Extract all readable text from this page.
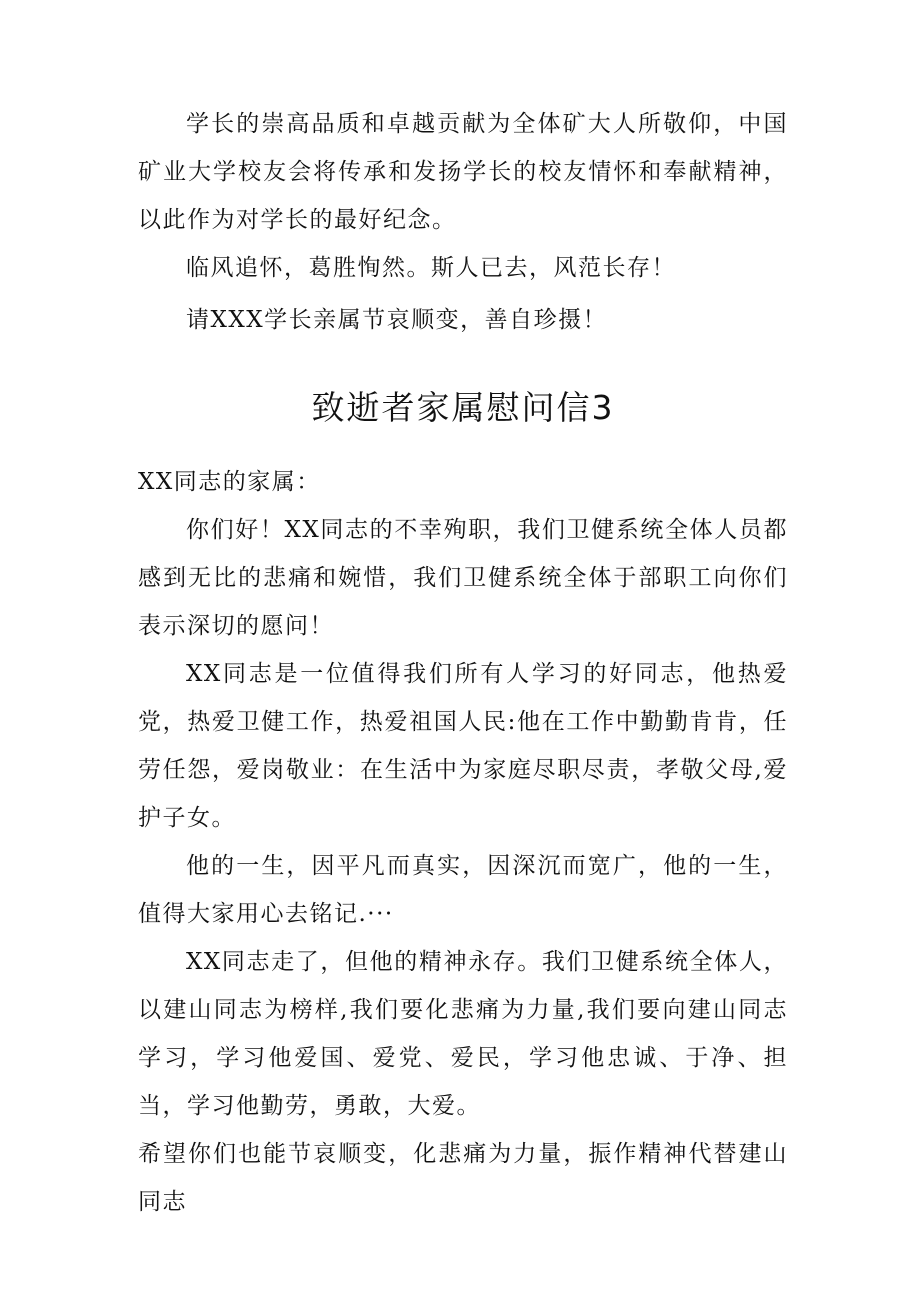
学长的崇高品质和卓越贡献为全体矿大人所敬仰，中国矿业大学校友会将传承和发扬学长的校友情怀和奉献精神，以此作为对学长的最好纪念。

临风追怀，葛胜恂然。斯人已去，风范长存！

请XXX学长亲属节哀顺变，善自珍摄！

致逝者家属慰问信3

XX同志的家属：

你们好！XX同志的不幸殉职，我们卫健系统全体人员都感到无比的悲痛和婉惜，我们卫健系统全体于部职工向你们表示深切的愿问！

XX同志是一位值得我们所有人学习的好同志，他热爱党，热爱卫健工作，热爱祖国人民:他在工作中勤勤肯肯，任劳任怨，爱岗敬业：在生活中为家庭尽职尽责，孝敬父母,爱护子女。

他的一生，因平凡而真实，因深沉而宽广，他的一生，值得大家用心去铭记.···

XX同志走了，但他的精神永存。我们卫健系统全体人，以建山同志为榜样,我们要化悲痛为力量,我们要向建山同志学习，学习他爱国、爱党、爱民，学习他忠诚、于净、担当，学习他勤劳，勇敢，大爱。

希望你们也能节哀顺变，化悲痛为力量，振作精神代替建山同志
